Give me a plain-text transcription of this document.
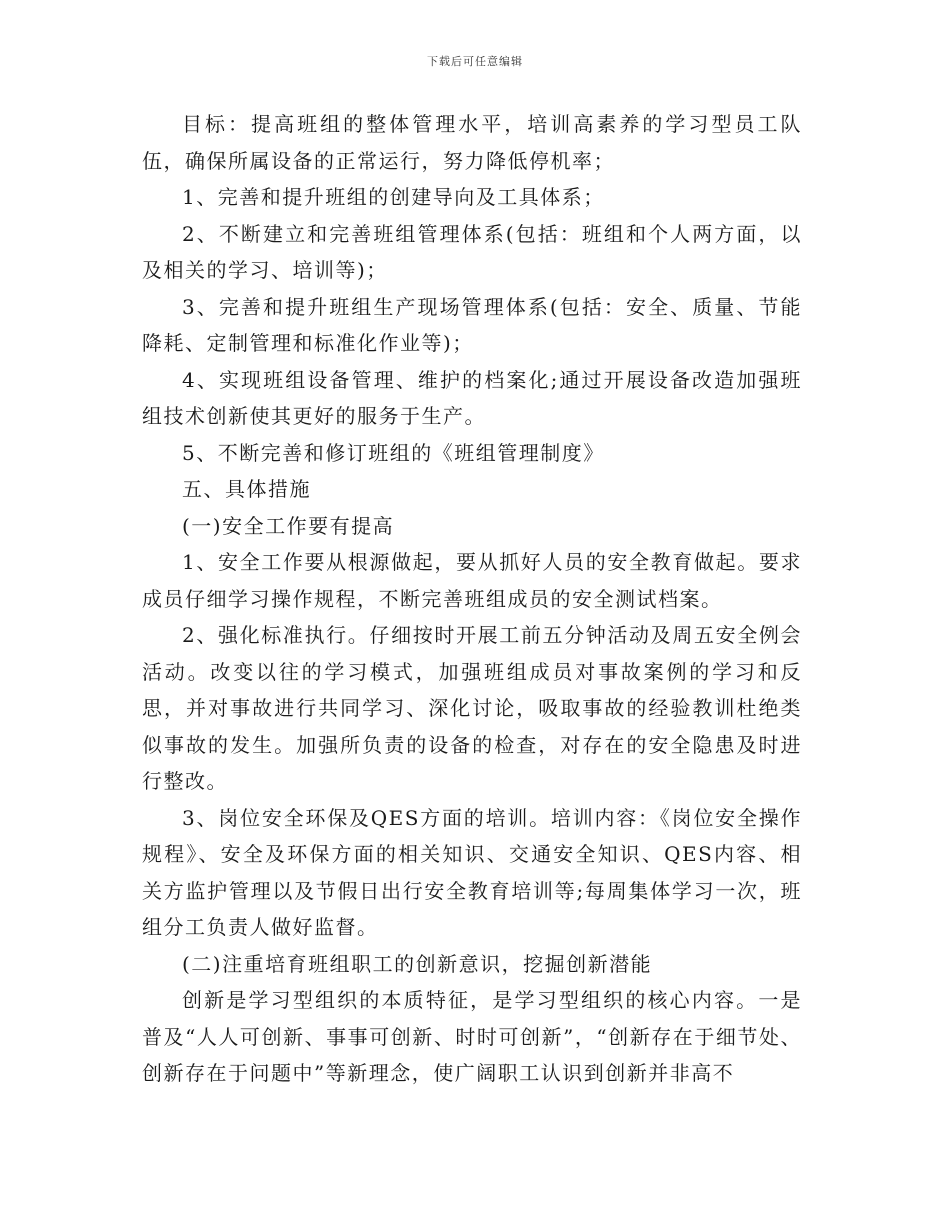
下载后可任意编辑

目标：提高班组的整体管理水平，培训高素养的学习型员工队伍，确保所属设备的正常运行，努力降低停机率；

1、完善和提升班组的创建导向及工具体系；

2、不断建立和完善班组管理体系(包括：班组和个人两方面，以及相关的学习、培训等)；

3、完善和提升班组生产现场管理体系(包括：安全、质量、节能降耗、定制管理和标准化作业等)；

4、实现班组设备管理、维护的档案化;通过开展设备改造加强班组技术创新使其更好的服务于生产。

5、不断完善和修订班组的《班组管理制度》

五、具体措施

(一)安全工作要有提高

1、安全工作要从根源做起，要从抓好人员的安全教育做起。要求成员仔细学习操作规程，不断完善班组成员的安全测试档案。

2、强化标准执行。仔细按时开展工前五分钟活动及周五安全例会活动。改变以往的学习模式，加强班组成员对事故案例的学习和反思，并对事故进行共同学习、深化讨论，吸取事故的经验教训杜绝类似事故的发生。加强所负责的设备的检查，对存在的安全隐患及时进行整改。

3、岗位安全环保及QES方面的培训。培训内容：《岗位安全操作规程》、安全及环保方面的相关知识、交通安全知识、QES内容、相关方监护管理以及节假日出行安全教育培训等;每周集体学习一次，班组分工负责人做好监督。

(二)注重培育班组职工的创新意识，挖掘创新潜能

创新是学习型组织的本质特征，是学习型组织的核心内容。一是普及“人人可创新、事事可创新、时时可创新”，“创新存在于细节处、创新存在于问题中”等新理念，使广阔职工认识到创新并非高不
